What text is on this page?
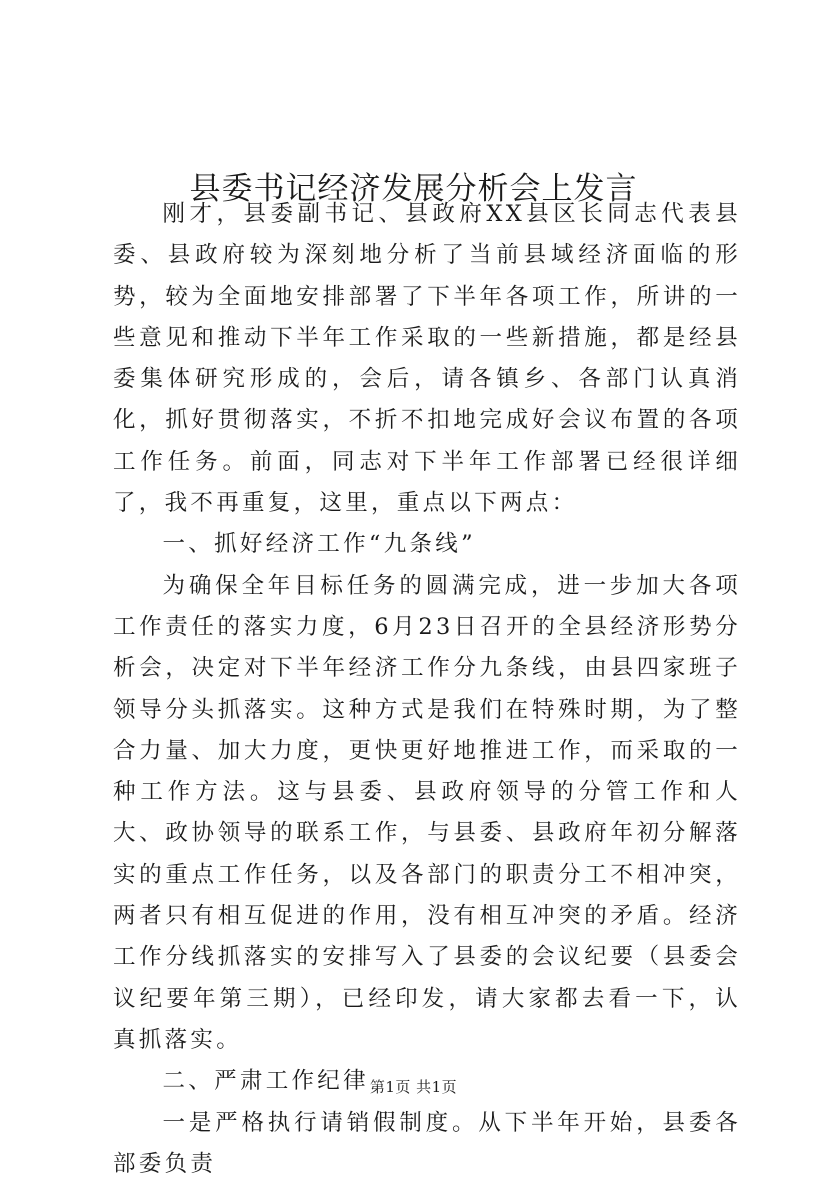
县委书记经济发展分析会上发言

刚才，县委副书记、县政府XX县区长同志代表县委、县政府较为深刻地分析了当前县域经济面临的形势，较为全面地安排部署了下半年各项工作，所讲的一些意见和推动下半年工作采取的一些新措施，都是经县委集体研究形成的，会后，请各镇乡、各部门认真消化，抓好贯彻落实，不折不扣地完成好会议布置的各项工作任务。前面，同志对下半年工作部署已经很详细了，我不再重复，这里，重点以下两点：

一、抓好经济工作“九条线”

为确保全年目标任务的圆满完成，进一步加大各项工作责任的落实力度，6月23日召开的全县经济形势分析会，决定对下半年经济工作分九条线，由县四家班子领导分头抓落实。这种方式是我们在特殊时期，为了整合力量、加大力度，更快更好地推进工作，而采取的一种工作方法。这与县委、县政府领导的分管工作和人大、政协领导的联系工作，与县委、县政府年初分解落实的重点工作任务，以及各部门的职责分工不相冲突，两者只有相互促进的作用，没有相互冲突的矛盾。经济工作分线抓落实的安排写入了县委的会议纪要（县委会议纪要年第三期），已经印发，请大家都去看一下，认真抓落实。

二、严肃工作纪律

一是严格执行请销假制度。从下半年开始，县委各部委负责

第1页 共1页
